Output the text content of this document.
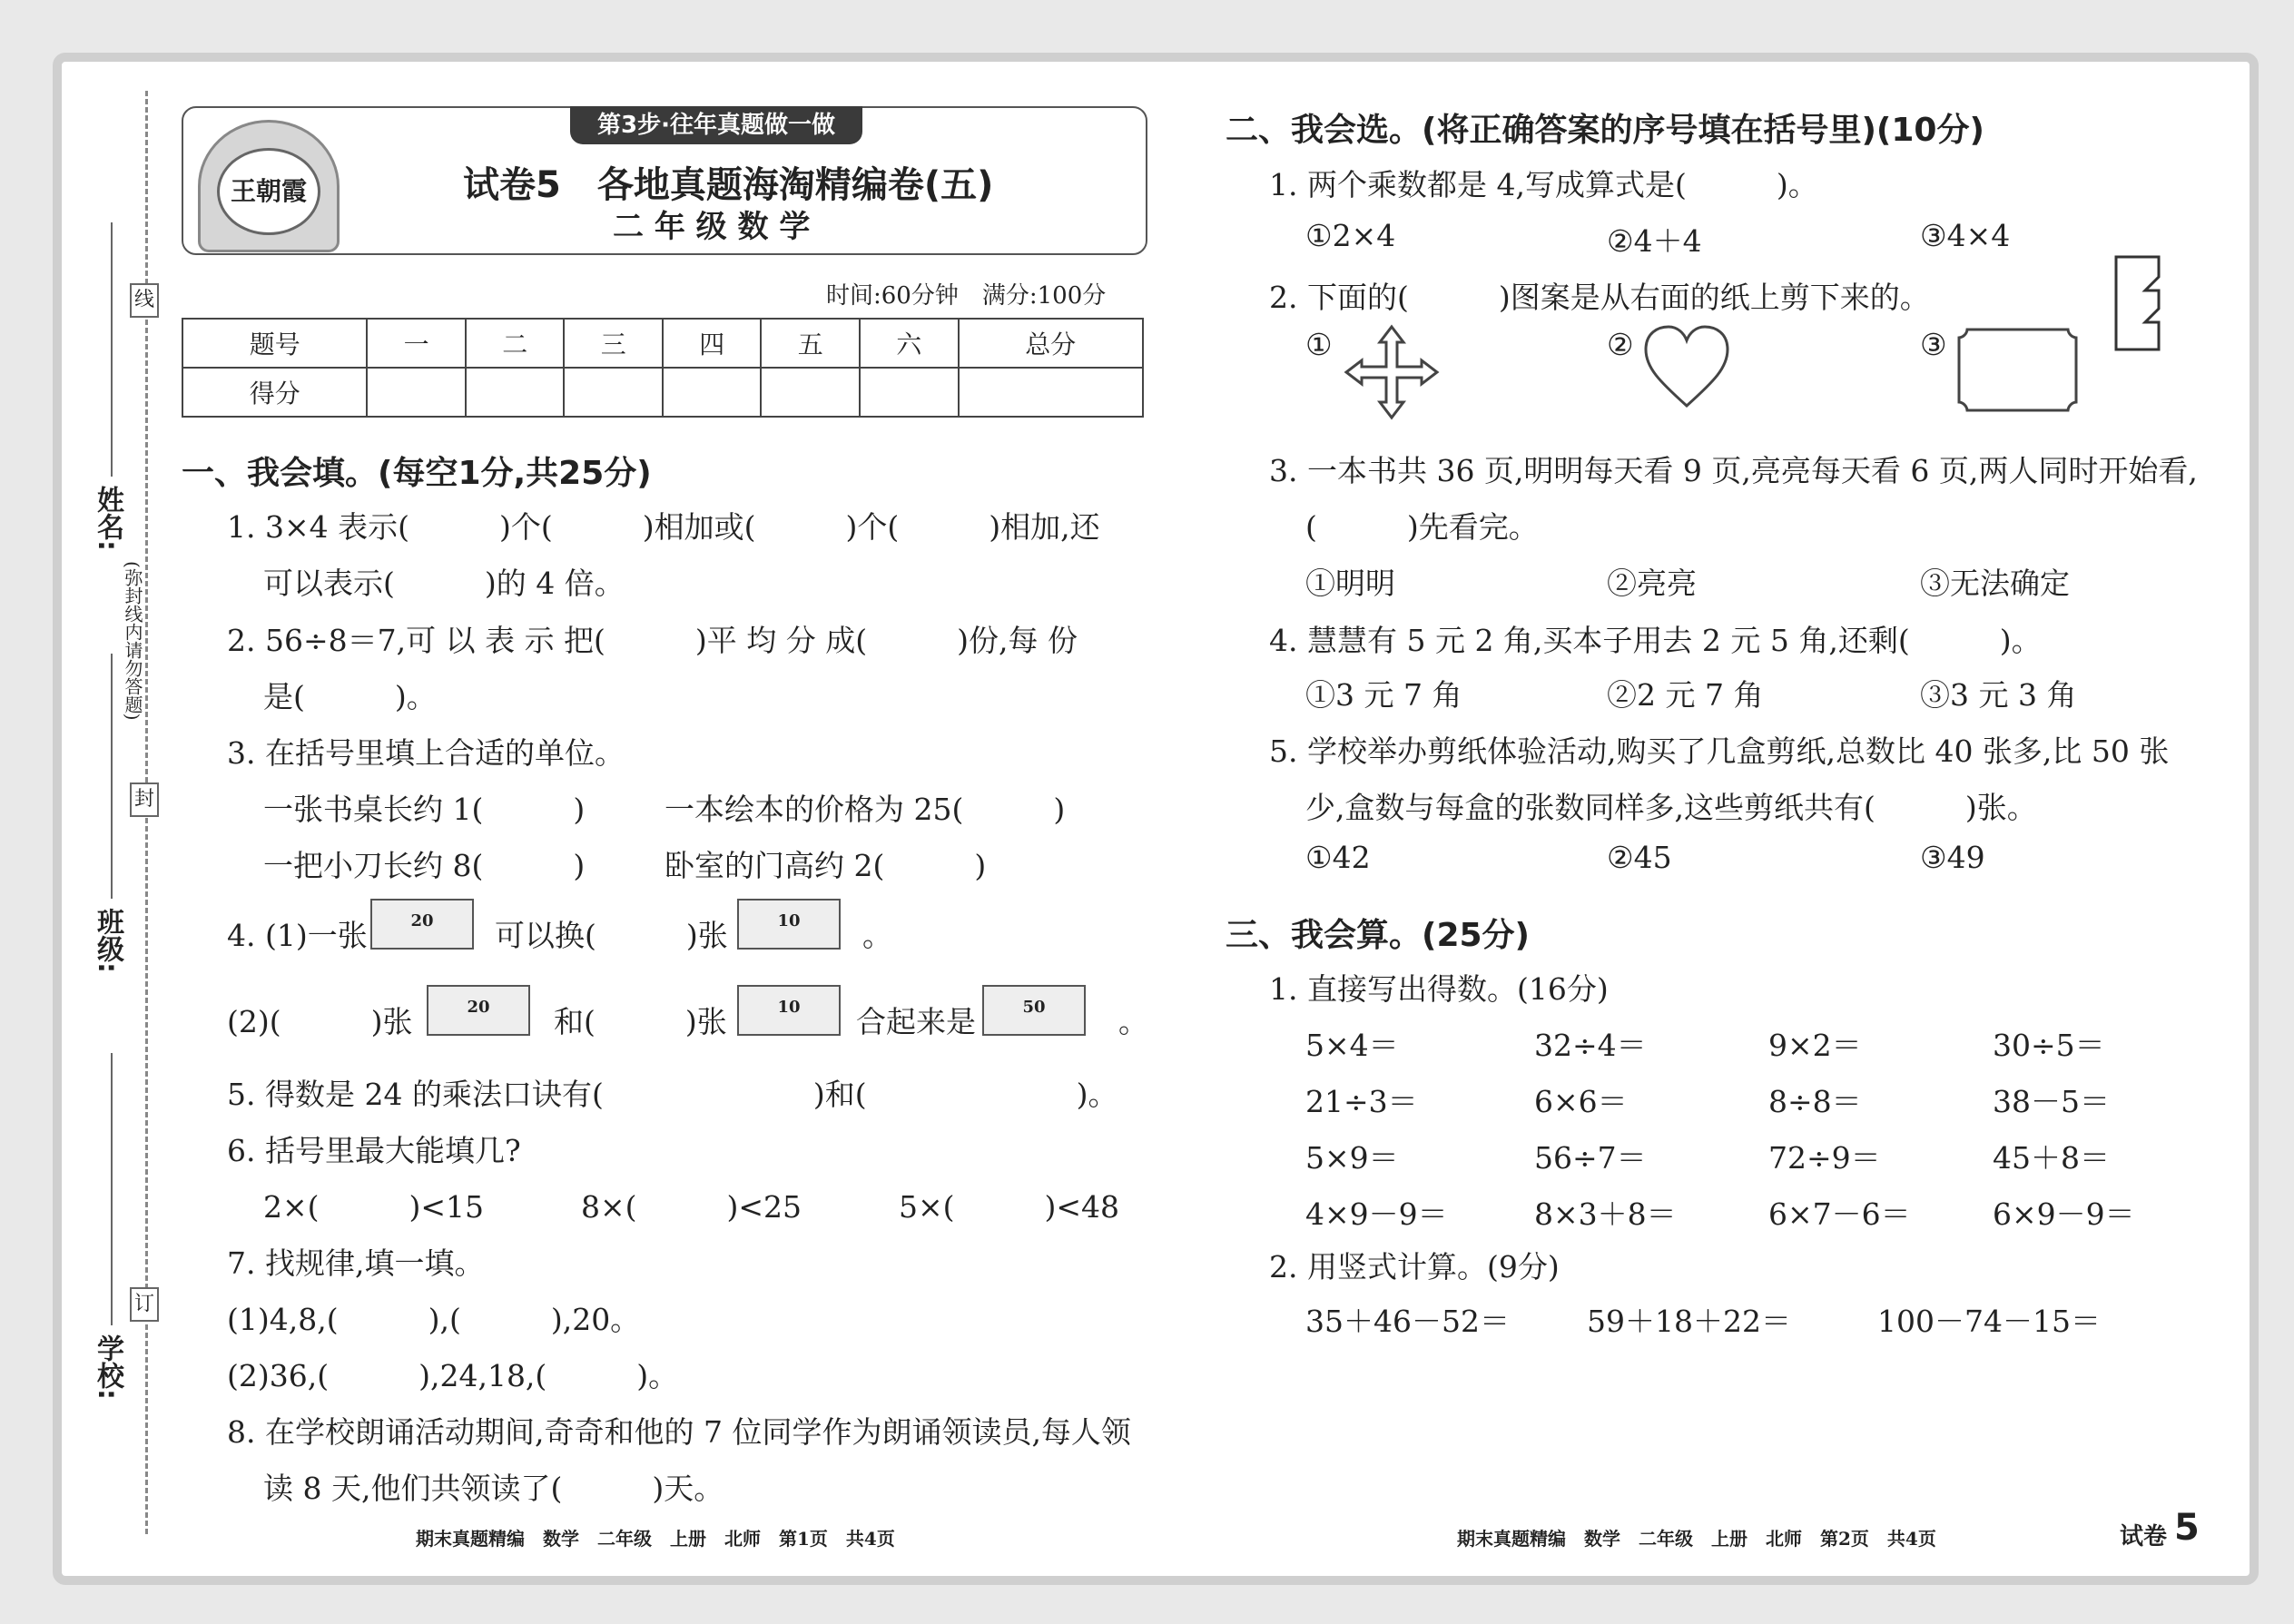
线
封
订
姓名:
班级:
学校:
(弥封线内请勿答题)
第3步·往年真题做一做
王朝霞	试卷5　各地真题海淘精编卷(五)
二 年 级 数 学
时间:60分钟　满分:100分
题号	一	二	三	四	五	六	总分
得分							
一、我会填。(每空1分,共25分)
1. 3×4 表示(　　　)个(　　　)相加或(　　　)个(　　　)相加,还
可以表示(　　　)的 4 倍。
2. 56÷8＝7,可 以 表 示 把(　　　)平 均 分 成(　　　)份,每 份
是(　　　)。
3. 在括号里填上合适的单位。
一张书桌长约 1(　　　)	一本绘本的价格为 25(　　　)
一把小刀长约 8(　　　)	卧室的门高约 2(　　　)
4. (1)一张	20	可以换(　　　)张	10	。
(2)(　　　)张	20	和(　　　)张	10	合起来是	50	。
5. 得数是 24 的乘法口诀有(　　　　　　　)和(　　　　　　　)。
6. 括号里最大能填几?
2×(　　　)<15	8×(　　　)<25	5×(　　　)<48
7. 找规律,填一填。
(1)4,8,(　　　),(　　　),20。
(2)36,(　　　),24,18,(　　　)。
8. 在学校朗诵活动期间,奇奇和他的 7 位同学作为朗诵领读员,每人领
读 8 天,他们共领读了(　　　)天。
二、我会选。(将正确答案的序号填在括号里)(10分)
1. 两个乘数都是 4,写成算式是(　　　)。
①2×4	②4＋4	③4×4
2. 下面的(　　　)图案是从右面的纸上剪下来的。
①	②	③
3. 一本书共 36 页,明明每天看 9 页,亮亮每天看 6 页,两人同时开始看,
(　　　)先看完。
①明明	②亮亮	③无法确定
4. 慧慧有 5 元 2 角,买本子用去 2 元 5 角,还剩(　　　)。
①3 元 7 角	②2 元 7 角	③3 元 3 角
5. 学校举办剪纸体验活动,购买了几盒剪纸,总数比 40 张多,比 50 张
少,盒数与每盒的张数同样多,这些剪纸共有(　　　)张。
①42	②45	③49
三、我会算。(25分)
1. 直接写出得数。(16分)
5×4＝	32÷4＝	9×2＝	30÷5＝
21÷3＝	6×6＝	8÷8＝	38－5＝
5×9＝	56÷7＝	72÷9＝	45＋8＝
4×9－9＝	8×3＋8＝	6×7－6＝	6×9－9＝
2. 用竖式计算。(9分)
35＋46－52＝	59＋18＋22＝	100－74－15＝
期末真题精编　数学　二年级　上册　北师　第1页　共4页	期末真题精编　数学　二年级　上册　北师　第2页　共4页	试卷 5
